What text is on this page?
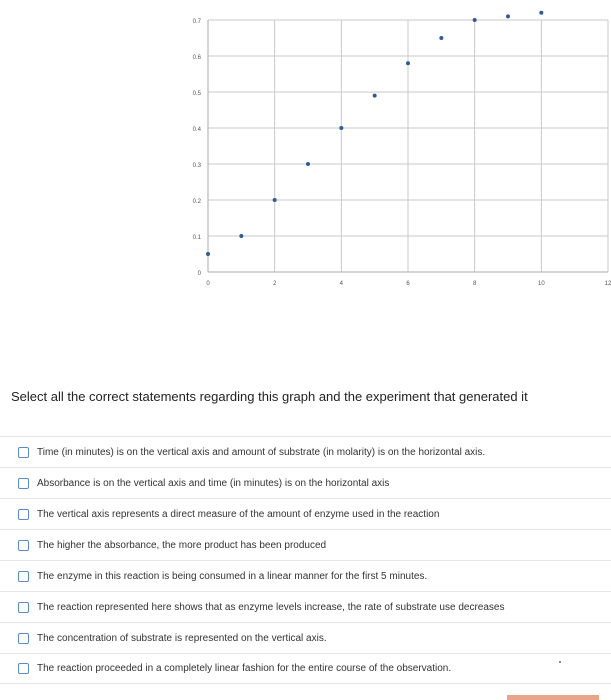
0
0.1
0.2
0.3
0.4
0.5
0.6
0.7
0	2	4	6	8	10	12
Select all the correct statements regarding this graph and the experiment that generated it
Time (in minutes) is on the vertical axis and amount of substrate (in molarity) is on the horizontal axis.
Absorbance is on the vertical axis and time (in minutes) is on the horizontal axis
The vertical axis represents a direct measure of the amount of enzyme used in the reaction
The higher the absorbance, the more product has been produced
The enzyme in this reaction is being consumed in a linear manner for the first 5 minutes.
The reaction represented here shows that as enzyme levels increase, the rate of substrate use decreases
The concentration of substrate is represented on the vertical axis.
The reaction proceeded in a completely linear fashion for the entire course of the observation.
